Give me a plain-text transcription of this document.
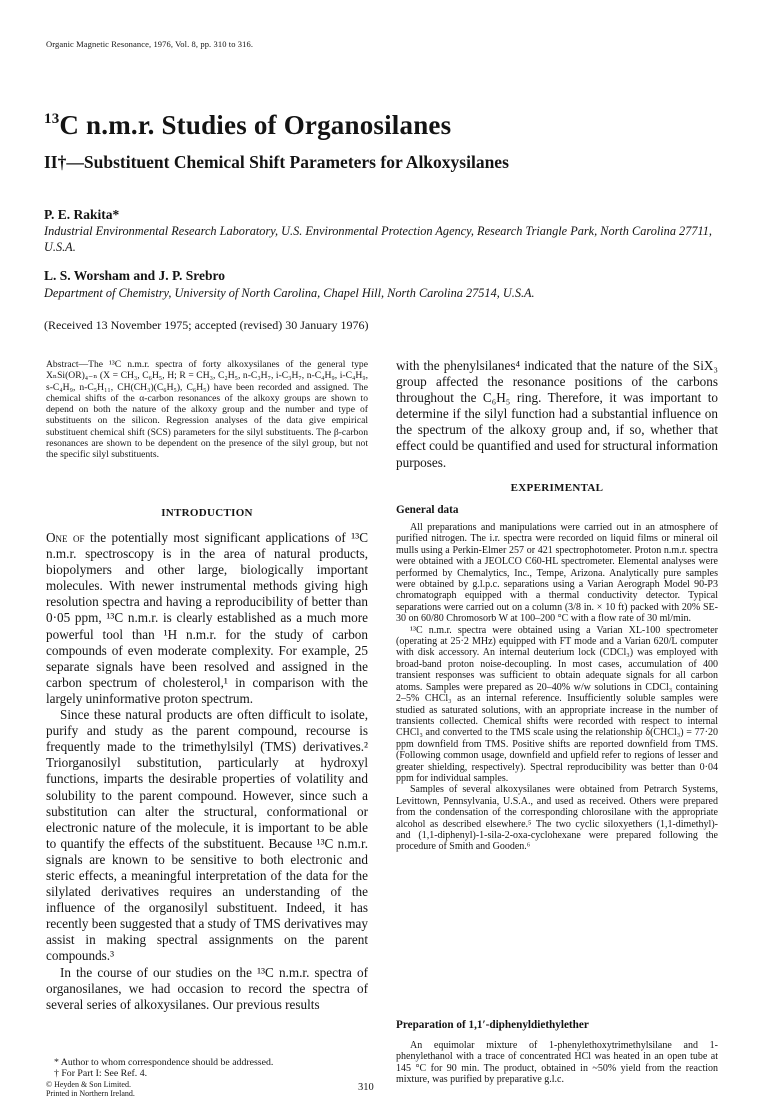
Organic Magnetic Resonance, 1976, Vol. 8, pp. 310 to 316.
$^{13}$C n.m.r. Studies of Organosilanes
II†—Substituent Chemical Shift Parameters for Alkoxysilanes
P. E. Rakita*
Industrial Environmental Research Laboratory, U.S. Environmental Protection Agency, Research Triangle Park, North Carolina 27711, U.S.A.
L. S. Worsham and J. P. Srebro
Department of Chemistry, University of North Carolina, Chapel Hill, North Carolina 27514, U.S.A.
(Received 13 November 1975; accepted (revised) 30 January 1976)
Abstract—The ¹³C n.m.r. spectra of forty alkoxysilanes of the general type XₙSi(OR)₄₋ₙ (X = CH₃, C₆H₅, H; R = CH₃, C₂H₅, n-C₃H₇, i-C₃H₇, n-C₄H₉, i-C₄H₉, s-C₄H₉, n-C₅H₁₁, CH(CH₃)(C₆H₅), C₆H₅) have been recorded and assigned. The chemical shifts of the α-carbon resonances of the alkoxy groups are shown to depend on both the nature of the alkoxy group and the number and type of substituents on the silicon. Regression analyses of the data give empirical substituent chemical shift (SCS) parameters for the silyl substituents. The β-carbon resonances are shown to be dependent on the presence of the silyl group, but not the specific silyl substituents.
INTRODUCTION

One of the potentially most significant applications of ¹³C n.m.r. spectroscopy is in the area of natural products, biopolymers and other large, biologically important molecules. With newer instrumental methods giving high resolution spectra and having a reproducibility of better than 0·05 ppm, ¹³C n.m.r. is clearly established as a much more powerful tool than ¹H n.m.r. for the study of carbon compounds of even moderate complexity. For example, 25 separate signals have been resolved and assigned in the carbon spectrum of cholesterol,¹ in comparison with the largely uninformative proton spectrum.

Since these natural products are often difficult to isolate, purify and study as the parent compound, recourse is frequently made to the trimethylsilyl (TMS) derivatives.² Triorganosilyl substitution, particularly at hydroxyl functions, imparts the desirable properties of volatility and solubility to the parent compound. However, since such a substitution can alter the structural, conformational or electronic nature of the molecule, it is important to be able to quantify the effects of the substituent. Because ¹³C n.m.r. signals are known to be sensitive to both electronic and steric effects, a meaningful interpretation of the data for the silylated derivatives requires an understanding of the influence of the organosilyl substituent. Indeed, it has recently been suggested that a study of TMS derivatives may assist in making spectral assignments on the parent compounds.³

In the course of our studies on the ¹³C n.m.r. spectra of organosilanes, we had occasion to record the spectra of several series of alkoxysilanes. Our previous results

with the phenylsilanes⁴ indicated that the nature of the SiX₃ group affected the resonance positions of the carbons throughout the C₆H₅ ring. Therefore, it was important to determine if the silyl function had a substantial influence on the spectrum of the alkoxy group and, if so, whether that effect could be quantified and used for structural information purposes.
EXPERIMENTAL
General data

All preparations and manipulations were carried out in an atmosphere of purified nitrogen. The i.r. spectra were recorded on liquid films or mineral oil mulls using a Perkin-Elmer 257 or 421 spectrophotometer. Proton n.m.r. spectra were obtained with a JEOLCO C60-HL spectrometer. Elemental analyses were performed by Chemalytics, Inc., Tempe, Arizona. Analytically pure samples were obtained by g.l.p.c. separations using a Varian Aerograph Model 90-P3 chromatograph equipped with a thermal conductivity detector. Typical separations were carried out on a column (3/8 in. × 10 ft) packed with 20% SE-30 on 60/80 Chromosorb W at 100–200 °C with a flow rate of 30 ml/min.

¹³C n.m.r. spectra were obtained using a Varian XL-100 spectrometer (operating at 25·2 MHz) equipped with FT mode and a Varian 620/L computer with disk accessory. An internal deuterium lock (CDCl₃) was employed with broad-band proton noise-decoupling. In most cases, accumulation of 400 transient responses was sufficient to obtain adequate signals for all carbon atoms. Samples were prepared as 20–40% w/w solutions in CDCl₃ containing 2–5% CHCl₃ as an internal reference. Insufficiently soluble samples were studied as saturated solutions, with an appropriate increase in the number of transients collected. Chemical shifts were recorded with respect to internal CHCl₃ and converted to the TMS scale using the relationship δ(CHCl₃) = 77·20 ppm downfield from TMS. Positive shifts are reported downfield from TMS. (Following common usage, downfield and upfield refer to regions of lesser and greater shielding, respectively). Spectral reproducibility was better than 0·04 ppm for individual samples.

Samples of several alkoxysilanes were obtained from Petrarch Systems, Levittown, Pennsylvania, U.S.A., and used as received. Others were prepared from the condensation of the corresponding chlorosilane with the appropriate alcohol as described elsewhere.⁵ The two cyclic siloxyethers (1,1-dimethyl)- and (1,1-diphenyl)-1-sila-2-oxa-cyclohexane were prepared following the procedure of Smith and Gooden.⁶

Preparation of 1,1′-diphenyldiethylether

An equimolar mixture of 1-phenylethoxytrimethylsilane and 1-phenylethanol with a trace of concentrated HCl was heated in an open tube at 145 °C for 90 min. The product, obtained in ~50% yield from the reaction mixture, was purified by preparative g.l.c.

* Author to whom correspondence should be addressed.
† For Part I: See Ref. 4.
© Heyden & Son Limited.
Printed in Northern Ireland.
310
